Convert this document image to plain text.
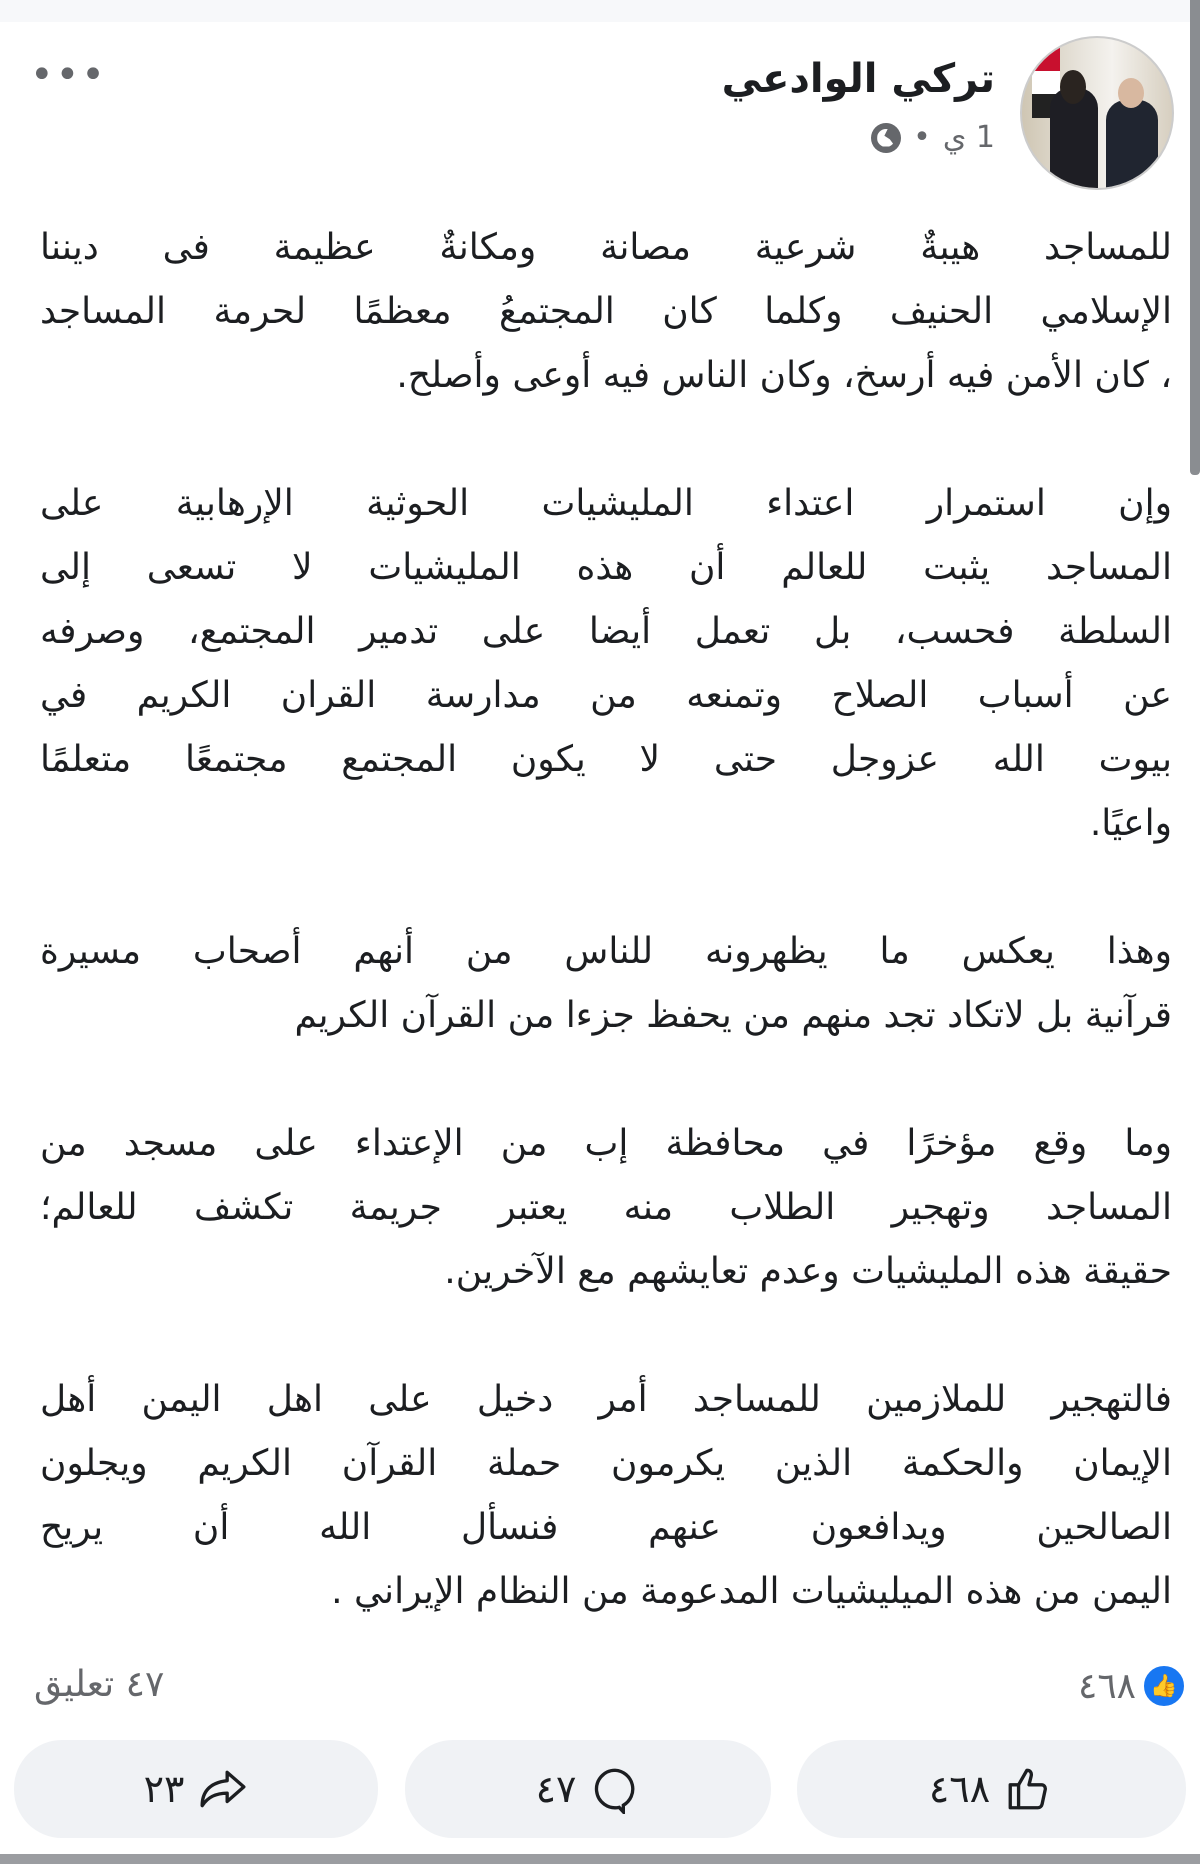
تركي الوادعي
1 ي
•
•••
للمساجد هيبةٌ شرعية مصانة ومكانةٌ عظيمة فى ديننا
الإسلامي الحنيف وكلما كان المجتمعُ معظمًا لحرمة المساجد
، كان الأمن فيه أرسخ، وكان الناس فيه أوعى وأصلح.
وإن استمرار اعتداء المليشيات الحوثية الإرهابية على
المساجد يثبت للعالم أن هذه المليشيات لا تسعى إلى
السلطة فحسب، بل تعمل أيضا على تدمير المجتمع، وصرفه
عن أسباب الصلاح وتمنعه من مدارسة القران الكريم في
بيوت الله عزوجل حتى لا يكون المجتمع مجتمعًا متعلمًا
واعيًا.
وهذا يعكس ما يظهرونه للناس من أنهم أصحاب مسيرة
قرآنية بل لاتكاد تجد منهم من يحفظ جزءا من القرآن الكريم
وما وقع مؤخرًا في محافظة إب من الإعتداء على مسجد من
المساجد وتهجير الطلاب منه يعتبر جريمة تكشف للعالم؛
حقيقة هذه المليشيات وعدم تعايشهم مع الآخرين.
فالتهجير للملازمين للمساجد أمر دخيل على اهل اليمن أهل
الإيمان والحكمة الذين يكرمون حملة القرآن الكريم ويجلون
الصالحين ويدافعون عنهم فنسأل الله أن يريح
اليمن من هذه الميليشيات المدعومة من النظام الإيراني .
👍
٤٦٨
٤٧ تعليق
٤٦٨
٤٧
٢٣
